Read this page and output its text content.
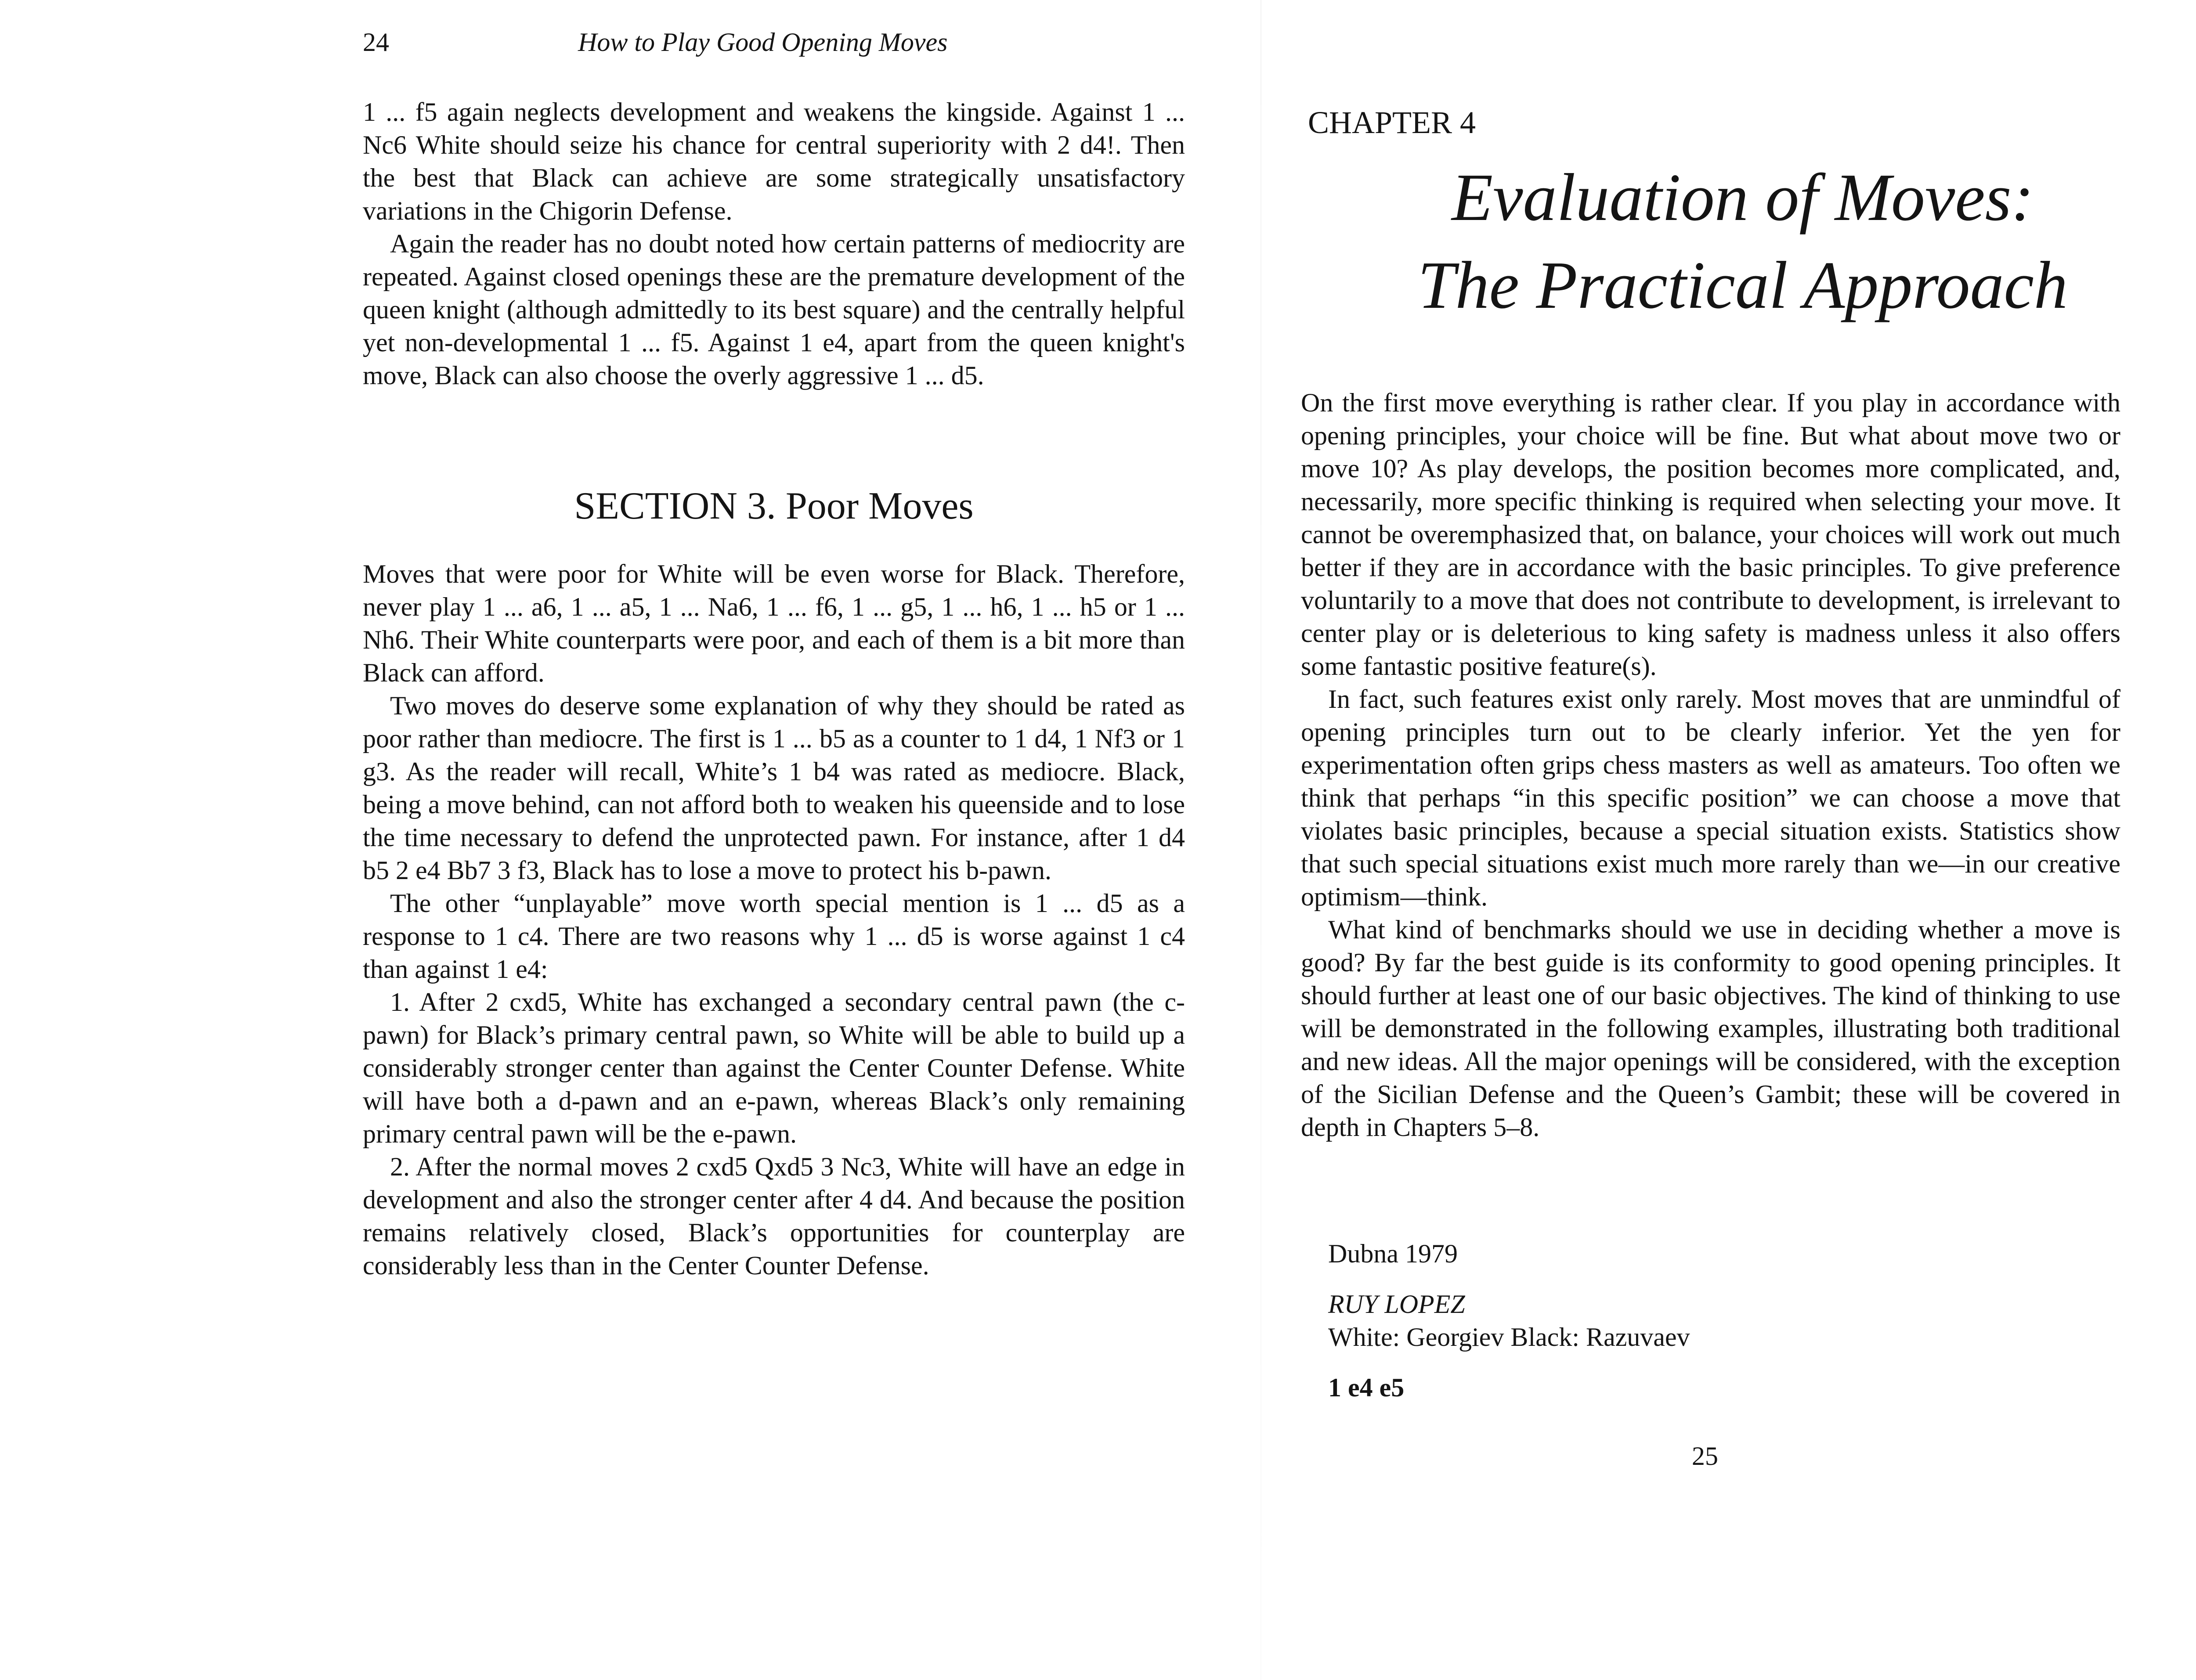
24	How to Play Good Opening Moves

1 ... f5 again neglects development and weakens the kingside. Against 1 ... Nc6 White should seize his chance for central superiority with 2 d4!. Then the best that Black can achieve are some strategically unsatisfactory variations in the Chigorin Defense.

Again the reader has no doubt noted how certain patterns of mediocrity are repeated. Against closed openings these are the premature development of the queen knight (although admittedly to its best square) and the centrally helpful yet non-developmental 1 ... f5. Against 1 e4, apart from the queen knight's move, Black can also choose the overly aggressive 1 ... d5.

SECTION 3. Poor Moves

Moves that were poor for White will be even worse for Black. Therefore, never play 1 ... a6, 1 ... a5, 1 ... Na6, 1 ... f6, 1 ... g5, 1 ... h6, 1 ... h5 or 1 ... Nh6. Their White counterparts were poor, and each of them is a bit more than Black can afford.

Two moves do deserve some explanation of why they should be rated as poor rather than mediocre. The first is 1 ... b5 as a counter to 1 d4, 1 Nf3 or 1 g3. As the reader will recall, White’s 1 b4 was rated as mediocre. Black, being a move behind, can not afford both to weaken his queenside and to lose the time necessary to defend the unprotected pawn. For instance, after 1 d4 b5 2 e4 Bb7 3 f3, Black has to lose a move to protect his b-pawn.

The other “unplayable” move worth special mention is 1 ... d5 as a response to 1 c4. There are two reasons why 1 ... d5 is worse against 1 c4 than against 1 e4:

1. After 2 cxd5, White has exchanged a secondary central pawn (the c-pawn) for Black’s primary central pawn, so White will be able to build up a considerably stronger center than against the Center Counter Defense. White will have both a d-pawn and an e-pawn, whereas Black’s only remaining primary central pawn will be the e-pawn.

2. After the normal moves 2 cxd5 Qxd5 3 Nc3, White will have an edge in development and also the stronger center after 4 d4. And because the position remains relatively closed, Black’s opportunities for counterplay are considerably less than in the Center Counter Defense.

CHAPTER 4
Evaluation of Moves:
The Practical Approach

On the first move everything is rather clear. If you play in accordance with opening principles, your choice will be fine. But what about move two or move 10? As play develops, the position becomes more complicated, and, necessarily, more specific thinking is required when selecting your move. It cannot be overemphasized that, on balance, your choices will work out much better if they are in accordance with the basic principles. To give preference voluntarily to a move that does not contribute to development, is irrelevant to center play or is deleterious to king safety is madness unless it also offers some fantastic positive feature(s).

In fact, such features exist only rarely. Most moves that are unmindful of opening principles turn out to be clearly inferior. Yet the yen for experimentation often grips chess masters as well as amateurs. Too often we think that perhaps “in this specific position” we can choose a move that violates basic principles, because a special situation exists. Statistics show that such special situations exist much more rarely than we—in our creative optimism—think.

What kind of benchmarks should we use in deciding whether a move is good? By far the best guide is its conformity to good opening principles. It should further at least one of our basic objectives. The kind of thinking to use will be demonstrated in the following examples, illustrating both traditional and new ideas. All the major openings will be considered, with the exception of the Sicilian Defense and the Queen’s Gambit; these will be covered in depth in Chapters 5–8.

Dubna 1979
RUY LOPEZ
White: Georgiev Black: Razuvaev
1 e4 e5
25
